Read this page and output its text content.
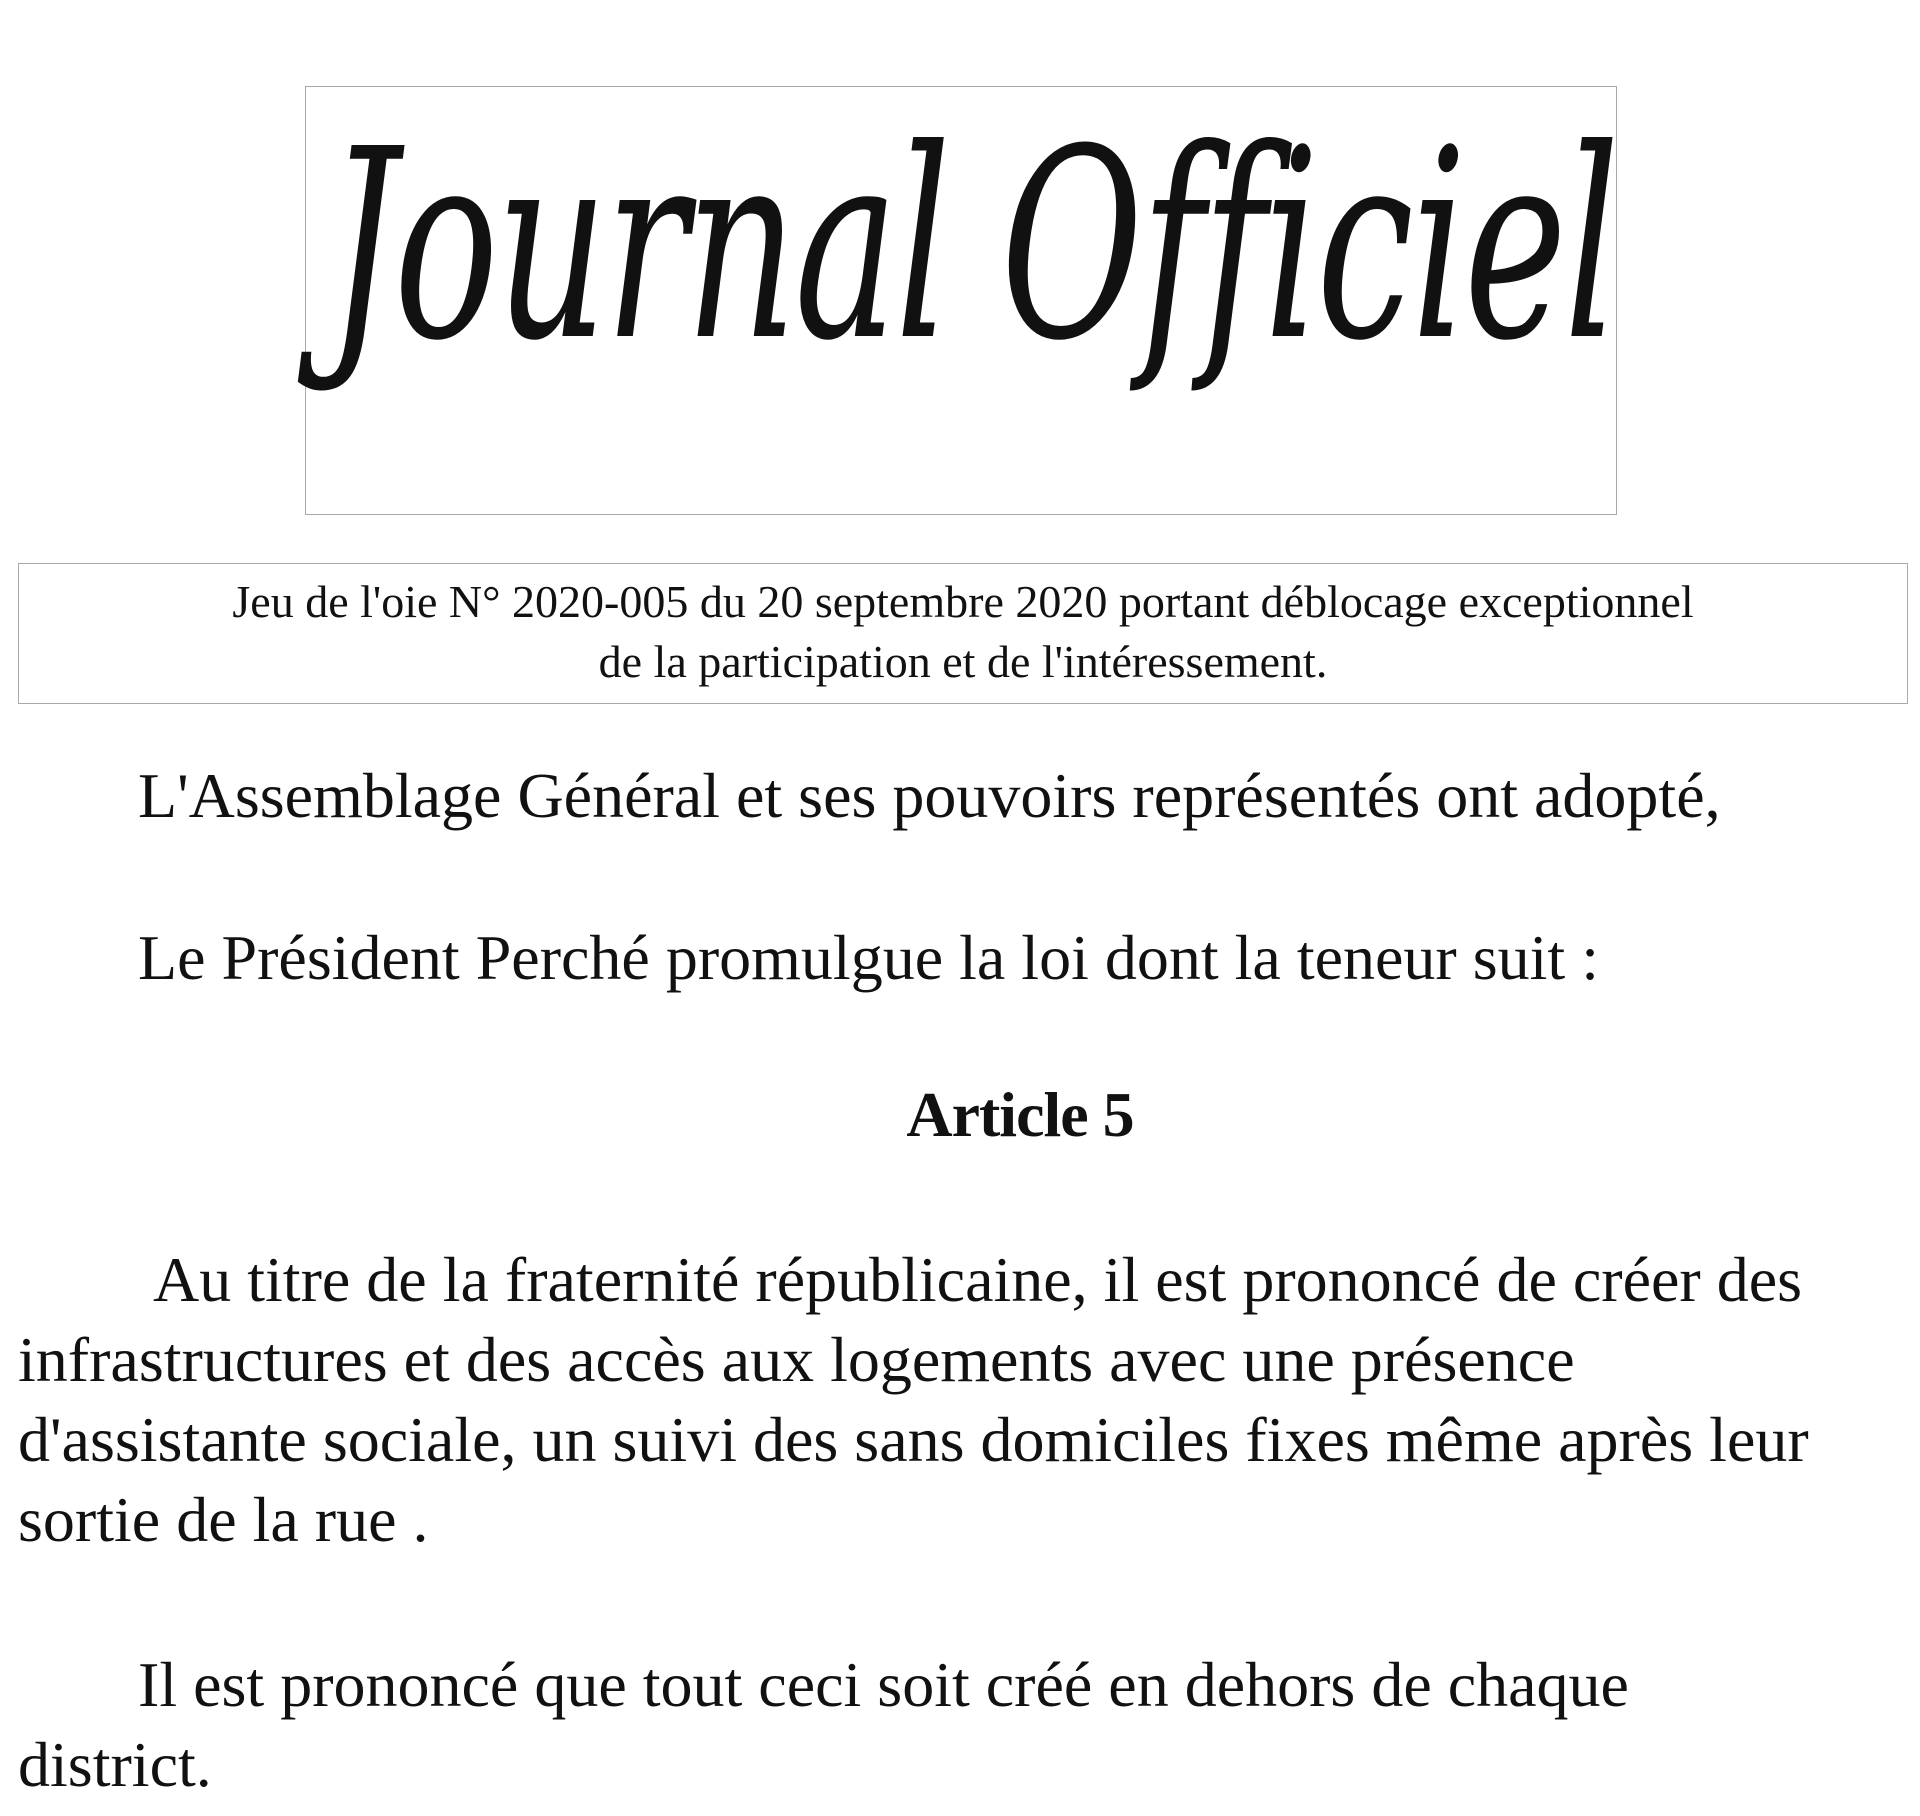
Journal Officiel
Jeu de l'oie N° 2020-005 du 20 septembre 2020 portant déblocage exceptionnel
de la participation et de l'intéressement.
L'Assemblage Général et ses pouvoirs représentés ont adopté,
Le Président Perché promulgue la loi dont la teneur suit :
Article 5
Au titre de la fraternité républicaine, il est prononcé de créer des
infrastructures et des accès aux logements avec une présence
d'assistante sociale, un suivi des sans domiciles fixes même après leur
sortie de la rue .
Il est prononcé que tout ceci soit créé en dehors de chaque
district.
